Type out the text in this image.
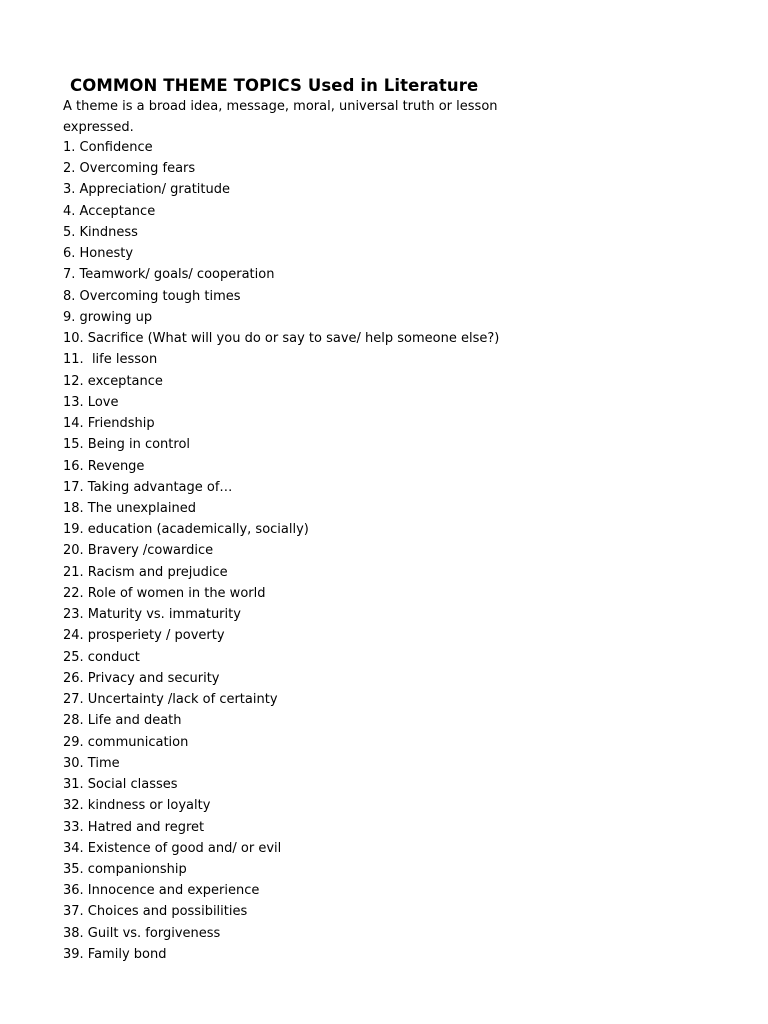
COMMON THEME TOPICS Used in Literature
A theme is a broad idea, message, moral, universal truth or lesson expressed.
1. Confidence
2. Overcoming fears
3. Appreciation/ gratitude
4. Acceptance
5. Kindness
6. Honesty
7. Teamwork/ goals/ cooperation
8. Overcoming tough times
9. growing up
10. Sacrifice (What will you do or say to save/ help someone else?)
11.  life lesson
12. exceptance
13. Love
14. Friendship
15. Being in control
16. Revenge
17. Taking advantage of…
18. The unexplained
19. education (academically, socially)
20. Bravery /cowardice
21. Racism and prejudice
22. Role of women in the world
23. Maturity vs. immaturity
24. prosperiety / poverty
25. conduct
26. Privacy and security
27. Uncertainty /lack of certainty
28. Life and death
29. communication
30. Time
31. Social classes
32. kindness or loyalty
33. Hatred and regret
34. Existence of good and/ or evil
35. companionship
36. Innocence and experience
37. Choices and possibilities
38. Guilt vs. forgiveness
39. Family bond
